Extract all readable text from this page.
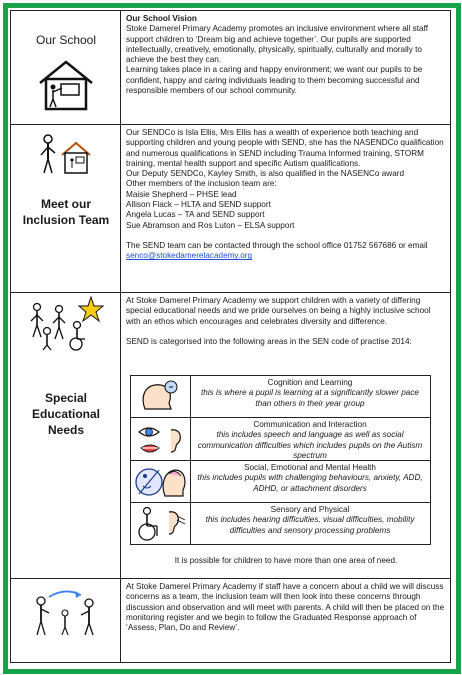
Our School

Our School Vision

Stoke Damerel Primary Academy promotes an inclusive environment where all staff support children to ‘Dream big and achieve together’. Our pupils are supported intellectually, creatively, emotionally, physically, spiritually, culturally and morally to achieve the best they can.

Learning takes place in a caring and happy environment; we want our pupils to be confident, happy and caring individuals leading to them becoming successful and responsible members of our school community.

Meet our
Inclusion Team

Our SENDCo is Isla Ellis, Mrs Ellis has a wealth of experience both teaching and supporting children and young people with SEND, she has the NASENDCo qualification and numerous qualifications in SEND including Trauma Informed training, STORM training, mental health support and specific Autism qualifications.

Our Deputy SENDCo, Kayley Smith, is also qualified in the NASENCo award

Other members of the inclusion team are:

Maisie Shepherd – PHSE lead

Allison Flack – HLTA and SEND support

Angela Lucas – TA and SEND support

Sue Abramson and Ros Luton – ELSA support

The SEND team can be contacted through the school office 01752 567686 or email

senco@stokedamerelacademy.org

Special
Educational
Needs

At Stoke Damerel Primary Academy we support children with a variety of differing special educational needs and we pride ourselves on being a highly inclusive school with an ethos which encourages and celebrates diversity and difference.

SEND is categorised into the following areas in the SEN code of practise 2014:

Cognition and Learning
this is where a pupil is learning at a significantly slower pace than others in their year group
Communication and Interaction
this includes speech and language as well as social communication difficulties which includes pupils on the Autism spectrum
Social, Emotional and Mental Health
this includes pupils with challenging behaviours, anxiety, ADD, ADHD, or attachment disorders
Sensory and Physical
this includes hearing difficulties, visual difficulties, mobility difficulties and sensory processing problems

It is possible for children to have more than one area of need.

At Stoke Damerel Primary Academy if staff have a concern about a child we will discuss concerns as a team, the inclusion team will then look into these concerns through discussion and observation and will meet with parents. A child will then be placed on the monitoring register and we begin to follow the Graduated Response approach of ‘Assess, Plan, Do and Review’.
